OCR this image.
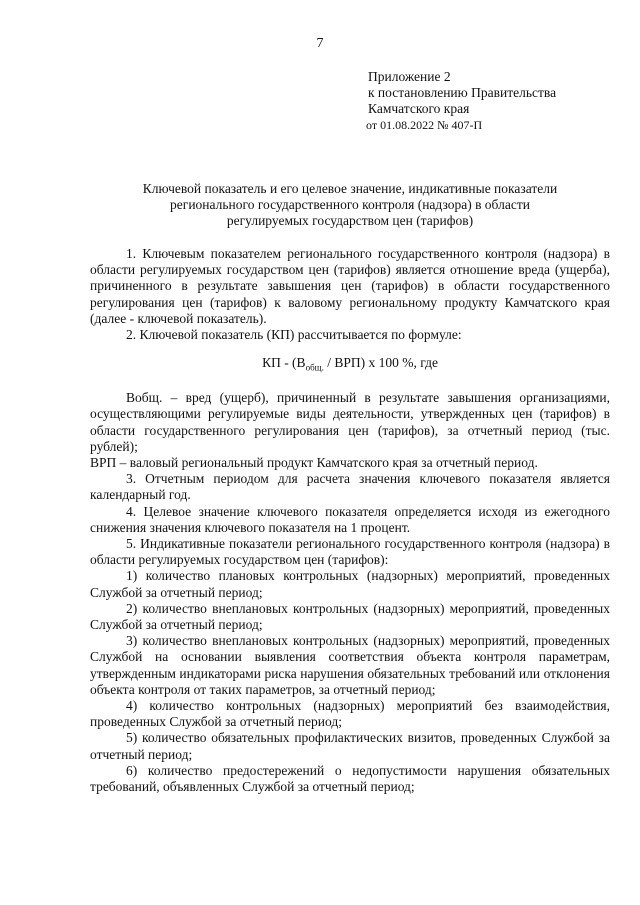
7
Приложение 2
к постановлению Правительства
Камчатского края
от 01.08.2022 № 407-П
Ключевой показатель и его целевое значение, индикативные показатели
регионального государственного контроля (надзора) в области
регулируемых государством цен (тарифов)

1. Ключевым показателем регионального государственного контроля (надзора) в области регулируемых государством цен (тарифов) является отношение вреда (ущерба), причиненного в результате завышения цен (тарифов) в области государственного регулирования цен (тарифов) к валовому региональному продукту Камчатского края (далее - ключевой показатель).

2. Ключевой показатель (КП) рассчитывается по формуле:

КП - $(В_{общ.} / ВРП)$ х 100 %, где

Вобщ. – вред (ущерб), причиненный в результате завышения организациями, осуществляющими регулируемые виды деятельности, утвержденных цен (тарифов) в области государственного регулирования цен (тарифов), за отчетный период (тыс. рублей);

ВРП – валовый региональный продукт Камчатского края за отчетный период.

3. Отчетным периодом для расчета значения ключевого показателя является календарный год.

4. Целевое значение ключевого показателя определяется исходя из ежегодного снижения значения ключевого показателя на 1 процент.

5. Индикативные показатели регионального государственного контроля (надзора) в области регулируемых государством цен (тарифов):

1) количество плановых контрольных (надзорных) мероприятий, проведенных Службой за отчетный период;

2) количество внеплановых контрольных (надзорных) мероприятий, проведенных Службой за отчетный период;

3) количество внеплановых контрольных (надзорных) мероприятий, проведенных Службой на основании выявления соответствия объекта контроля параметрам, утвержденным индикаторами риска нарушения обязательных требований или отклонения объекта контроля от таких параметров, за отчетный период;

4) количество контрольных (надзорных) мероприятий без взаимодействия, проведенных Службой за отчетный период;

5) количество обязательных профилактических визитов, проведенных Службой за отчетный период;

6) количество предостережений о недопустимости нарушения обязательных требований, объявленных Службой за отчетный период;
